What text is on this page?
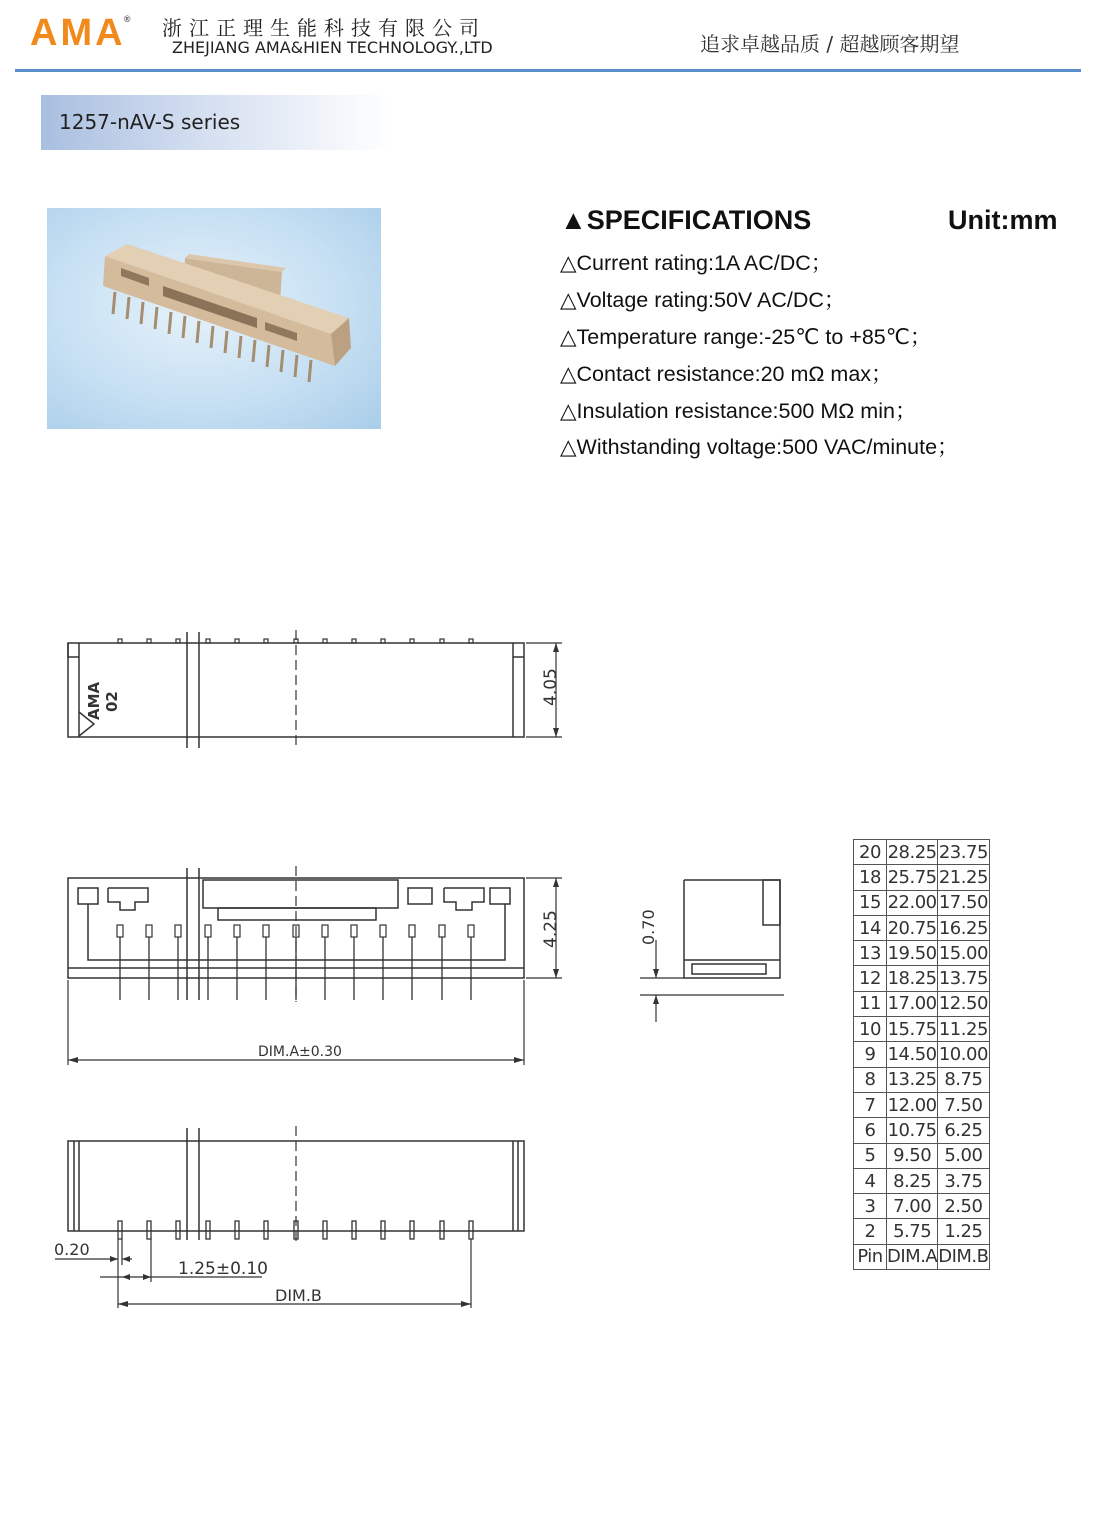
AMA
® 浙江正理生能科技有限公司
ZHEJIANG AMA&HIEN TECHNOLOGY.,LTD	追求卓越品质 / 超越顾客期望
1257-nAV-S series
▲SPECIFICATIONS	Unit:mm
△Current rating:1A AC/DC；
△Voltage rating:50V AC/DC；
△Temperature range:-25℃ to +85℃；
△Contact resistance:20 mΩ max；
△Insulation resistance:500 MΩ min；
△Withstanding voltage:500 VAC/minute；
AMA 02	4.05
4.25
DIM.A±0.30
0.70
0.20
1.25±0.10
DIM.B
20	28.25	23.75
18	25.75	21.25
15	22.00	17.50
14	20.75	16.25
13	19.50	15.00
12	18.25	13.75
11	17.00	12.50
10	15.75	11.25
9	14.50	10.00
8	13.25	8.75
7	12.00	7.50
6	10.75	6.25
5	9.50	5.00
4	8.25	3.75
3	7.00	2.50
2	5.75	1.25
Pin	DIM.A	DIM.B
